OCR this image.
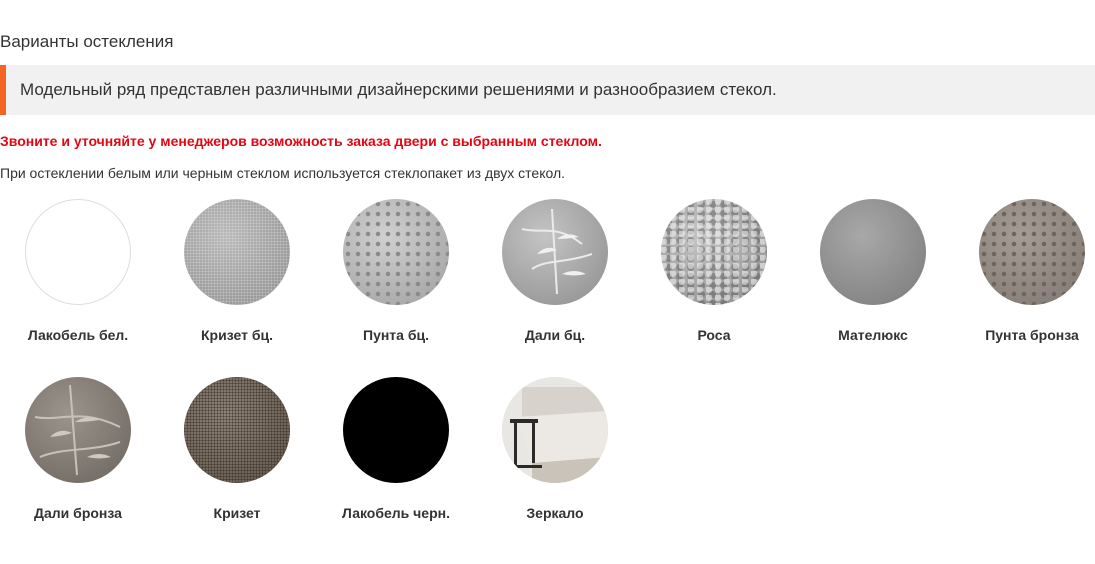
Варианты остекления
Модельный ряд представлен различными дизайнерскими решениями и разнообразием стекол.
Звоните и уточняйте у менеджеров возможность заказа двери с выбранным стеклом.
При остеклении белым или черным стеклом используется стеклопакет из двух стекол.
Лакобель бел.	Кризет бц.	Пунта бц.	Дали бц.	Роса	Мателюкс	Пунта бронза
Дали бронза	Кризет	Лакобель черн.	Зеркало
